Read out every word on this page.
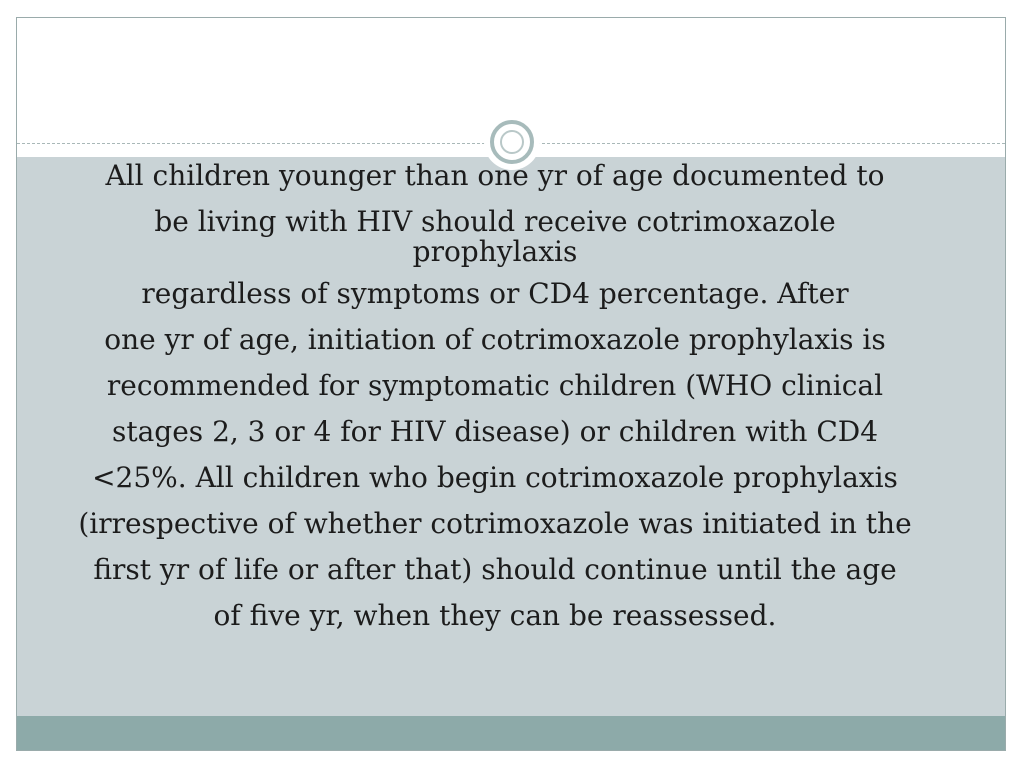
All children younger than one yr of age documented to
be living with HIV should receive cotrimoxazole
prophylaxis
regardless of symptoms or CD4 percentage. After
one yr of age, initiation of cotrimoxazole prophylaxis is
recommended for symptomatic children (WHO clinical
stages 2, 3 or 4 for HIV disease) or children with CD4
<25%. All children who begin cotrimoxazole prophylaxis
(irrespective of whether cotrimoxazole was initiated in the
first yr of life or after that) should continue until the age
of five yr, when they can be reassessed.
